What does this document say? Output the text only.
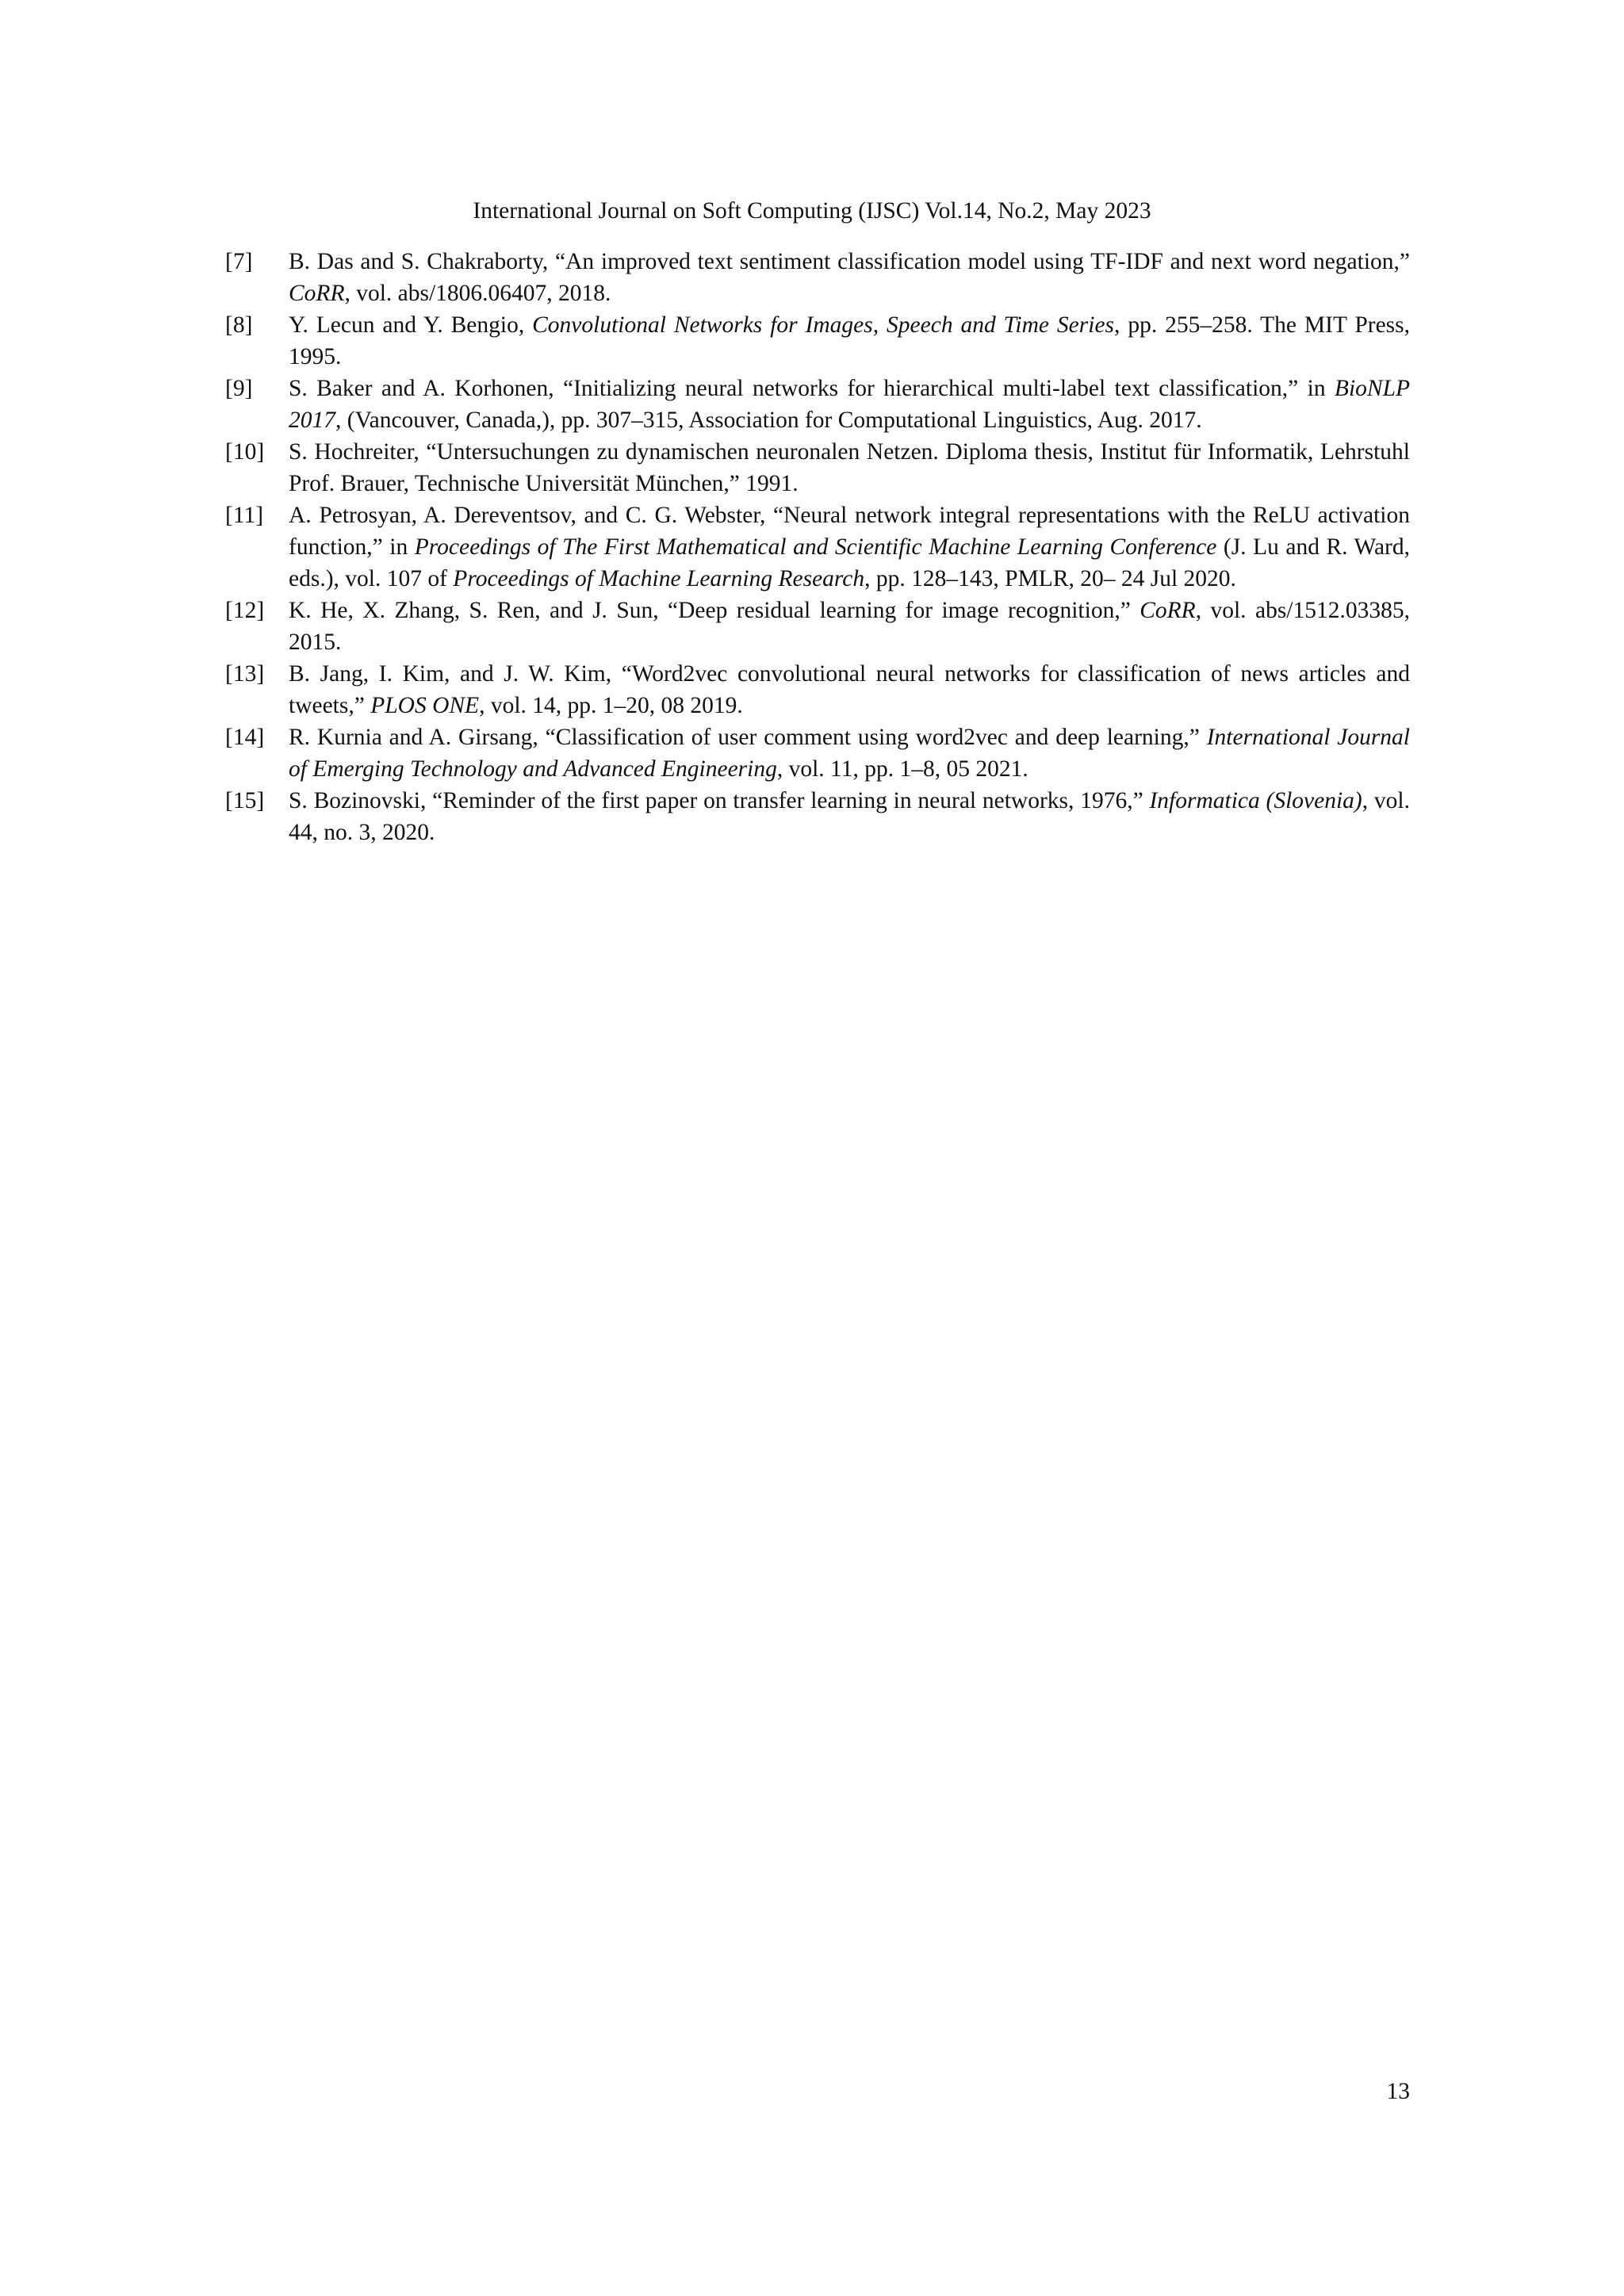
International Journal on Soft Computing (IJSC) Vol.14, No.2, May 2023
[7]	B. Das and S. Chakraborty, “An improved text sentiment classification model using TF-IDF and next word negation,” CoRR, vol. abs/1806.06407, 2018.
[8]	Y. Lecun and Y. Bengio, Convolutional Networks for Images, Speech and Time Series, pp. 255–258. The MIT Press, 1995.
[9]	S. Baker and A. Korhonen, “Initializing neural networks for hierarchical multi-label text classification,” in BioNLP 2017, (Vancouver, Canada,), pp. 307–315, Association for Computational Linguistics, Aug. 2017.
[10]	S. Hochreiter, “Untersuchungen zu dynamischen neuronalen Netzen. Diploma thesis, Institut für Informatik, Lehrstuhl Prof. Brauer, Technische Universität München,” 1991.
[11]	A. Petrosyan, A. Dereventsov, and C. G. Webster, “Neural network integral representations with the ReLU activation function,” in Proceedings of The First Mathematical and Scientific Machine Learning Conference (J. Lu and R. Ward, eds.), vol. 107 of Proceedings of Machine Learning Research, pp. 128–143, PMLR, 20– 24 Jul 2020.
[12]	K. He, X. Zhang, S. Ren, and J. Sun, “Deep residual learning for image recognition,” CoRR, vol. abs/1512.03385, 2015.
[13]	B. Jang, I. Kim, and J. W. Kim, “Word2vec convolutional neural networks for classification of news articles and tweets,” PLOS ONE, vol. 14, pp. 1–20, 08 2019.
[14]	R. Kurnia and A. Girsang, “Classification of user comment using word2vec and deep learning,” International Journal of Emerging Technology and Advanced Engineering, vol. 11, pp. 1–8, 05 2021.
[15]	S. Bozinovski, “Reminder of the first paper on transfer learning in neural networks, 1976,” Informatica (Slovenia), vol. 44, no. 3, 2020.
13
